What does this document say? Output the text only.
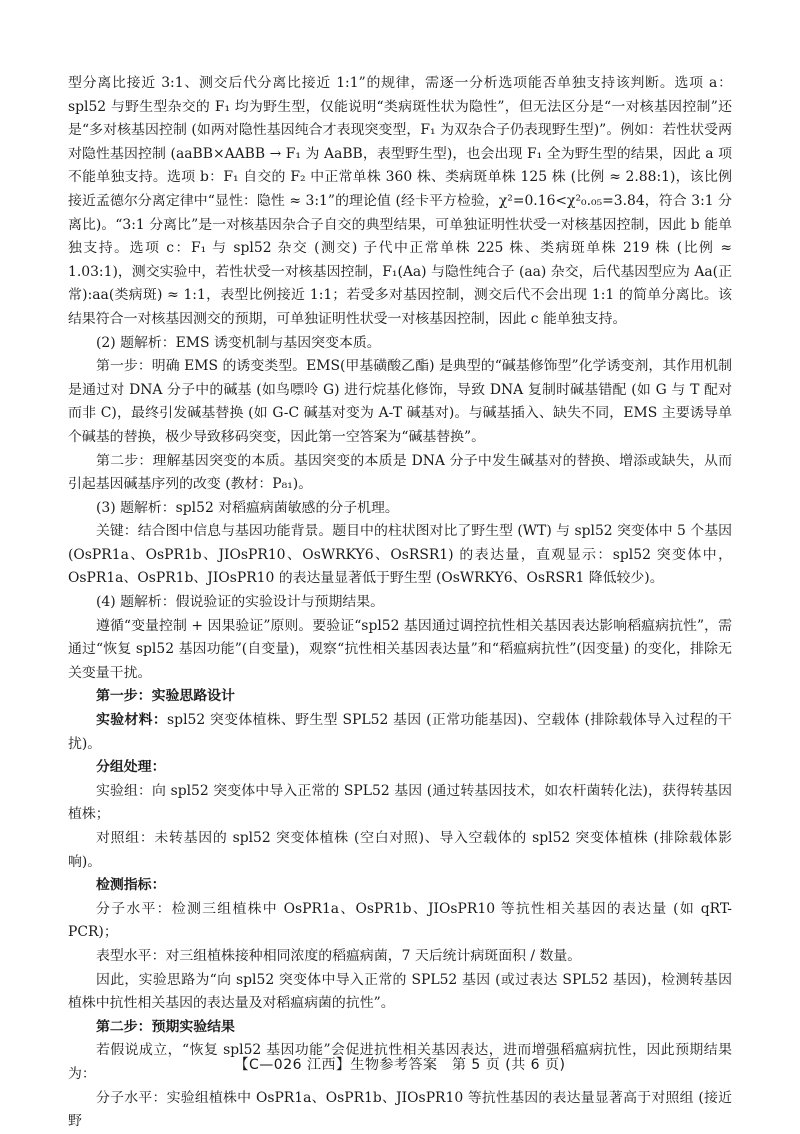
型分离比接近 3:1、测交后代分离比接近 1:1”的规律，需逐一分析选项能否单独支持该判断。选项 a：spl52 与野生型杂交的 F₁ 均为野生型，仅能说明“类病斑性状为隐性”，但无法区分是“一对核基因控制”还是“多对核基因控制 (如两对隐性基因纯合才表现突变型，F₁ 为双杂合子仍表现野生型)”。例如：若性状受两对隐性基因控制 (aaBB×AABB → F₁ 为 AaBB，表型野生型)，也会出现 F₁ 全为野生型的结果，因此 a 项不能单独支持。选项 b：F₁ 自交的 F₂ 中正常单株 360 株、类病斑单株 125 株 (比例 ≈ 2.88:1)，该比例接近孟德尔分离定律中“显性：隐性 ≈ 3:1”的理论值 (经卡平方检验，χ²=0.16<χ²₀.₀₅=3.84，符合 3:1 分离比)。“3:1 分离比”是一对核基因杂合子自交的典型结果，可单独证明性状受一对核基因控制，因此 b 能单独支持。选项 c：F₁ 与 spl52 杂交 (测交) 子代中正常单株 225 株、类病斑单株 219 株 (比例 ≈ 1.03:1)，测交实验中，若性状受一对核基因控制，F₁(Aa) 与隐性纯合子 (aa) 杂交，后代基因型应为 Aa(正常):aa(类病斑) ≈ 1:1，表型比例接近 1:1；若受多对基因控制，测交后代不会出现 1:1 的简单分离比。该结果符合一对核基因测交的预期，可单独证明性状受一对核基因控制，因此 c 能单独支持。

(2) 题解析：EMS 诱变机制与基因突变本质。

第一步：明确 EMS 的诱变类型。EMS(甲基磺酸乙酯) 是典型的“碱基修饰型”化学诱变剂，其作用机制是通过对 DNA 分子中的碱基 (如鸟嘌呤 G) 进行烷基化修饰，导致 DNA 复制时碱基错配 (如 G 与 T 配对而非 C)，最终引发碱基替换 (如 G-C 碱基对变为 A-T 碱基对)。与碱基插入、缺失不同，EMS 主要诱导单个碱基的替换，极少导致移码突变，因此第一空答案为“碱基替换”。

第二步：理解基因突变的本质。基因突变的本质是 DNA 分子中发生碱基对的替换、增添或缺失，从而引起基因碱基序列的改变 (教材：P₈₁)。

(3) 题解析：spl52 对稻瘟病菌敏感的分子机理。

关键：结合图中信息与基因功能背景。题目中的柱状图对比了野生型 (WT) 与 spl52 突变体中 5 个基因 (OsPR1a、OsPR1b、JIOsPR10、OsWRKY6、OsRSR1) 的表达量，直观显示：spl52 突变体中，OsPR1a、OsPR1b、JIOsPR10 的表达量显著低于野生型 (OsWRKY6、OsRSR1 降低较少)。

(4) 题解析：假说验证的实验设计与预期结果。

遵循“变量控制 + 因果验证”原则。要验证“spl52 基因通过调控抗性相关基因表达影响稻瘟病抗性”，需通过“恢复 spl52 基因功能”(自变量)，观察“抗性相关基因表达量”和“稻瘟病抗性”(因变量) 的变化，排除无关变量干扰。

第一步：实验思路设计

实验材料：spl52 突变体植株、野生型 SPL52 基因 (正常功能基因)、空载体 (排除载体导入过程的干扰)。

分组处理：

实验组：向 spl52 突变体中导入正常的 SPL52 基因 (通过转基因技术，如农杆菌转化法)，获得转基因植株；

对照组：未转基因的 spl52 突变体植株 (空白对照)、导入空载体的 spl52 突变体植株 (排除载体影响)。

检测指标：

分子水平：检测三组植株中 OsPR1a、OsPR1b、JIOsPR10 等抗性相关基因的表达量 (如 qRT-PCR)；

表型水平：对三组植株接种相同浓度的稻瘟病菌，7 天后统计病斑面积 / 数量。

因此，实验思路为“向 spl52 突变体中导入正常的 SPL52 基因 (或过表达 SPL52 基因)，检测转基因植株中抗性相关基因的表达量及对稻瘟病菌的抗性”。

第二步：预期实验结果

若假说成立，“恢复 spl52 基因功能”会促进抗性相关基因表达，进而增强稻瘟病抗性，因此预期结果为：

分子水平：实验组植株中 OsPR1a、OsPR1b、JIOsPR10 等抗性基因的表达量显著高于对照组 (接近野

【C—026 江西】生物参考答案　第 5 页 (共 6 页)
